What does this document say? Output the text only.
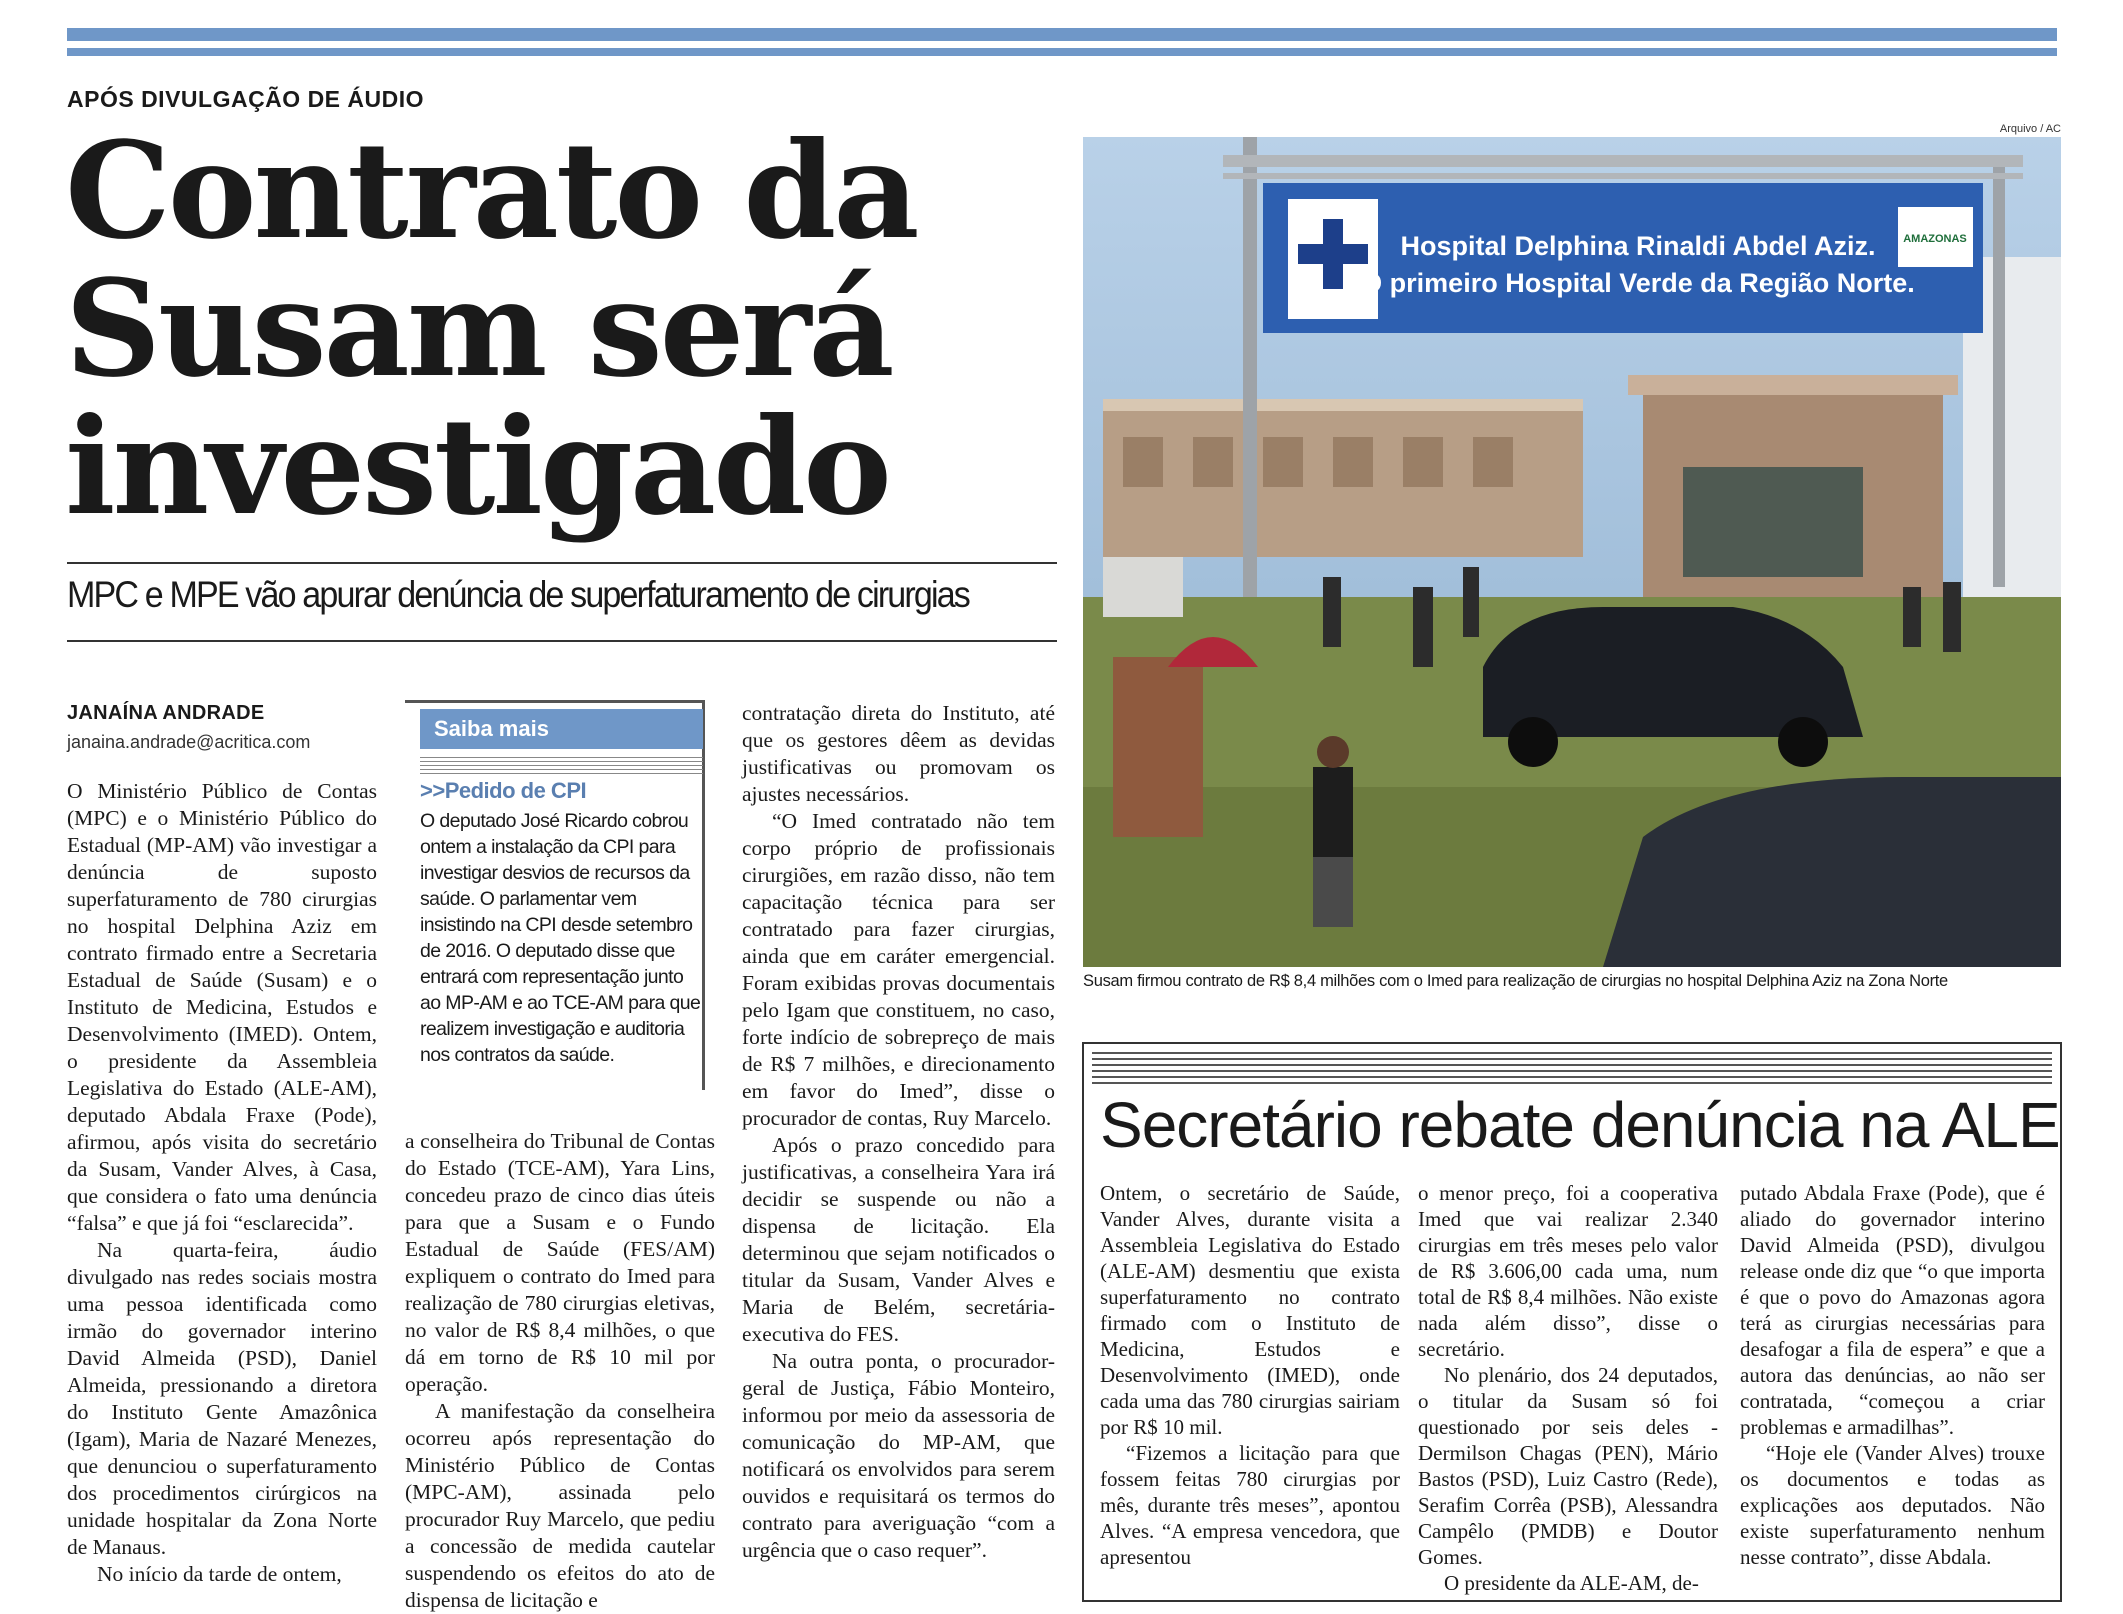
APÓS DIVULGAÇÃO DE ÁUDIO
Contrato da
Susam será
investigado
MPC e MPE vão apurar denúncia de superfaturamento de cirurgias
JANAÍNA ANDRADE
janaina.andrade@acritica.com

O Ministério Público de Contas (MPC) e o Ministério Público do Estadual (MP-AM) vão investigar a denúncia de suposto superfaturamento de 780 cirurgias no hospital Delphina Aziz em contrato firmado entre a Secretaria Estadual de Saúde (Susam) e o Instituto de Medicina, Estudos e Desenvolvimento (IMED). Ontem, o presidente da Assembleia Legislativa do Estado (ALE-AM), deputado Abdala Fraxe (Pode), afirmou, após visita do secretário da Susam, Vander Alves, à Casa, que considera o fato uma denúncia “falsa” e que já foi “esclarecida”.

Na quarta-feira, áudio divulgado nas redes sociais mostra uma pessoa identificada como irmão do governador interino David Almeida (PSD), Daniel Almeida, pressionando a diretora do Instituto Gente Amazônica (Igam), Maria de Nazaré Menezes, que denunciou o superfaturamento dos procedimentos cirúrgicos na unidade hospitalar da Zona Norte de Manaus.

No início da tarde de ontem,

Saiba mais
>>Pedido de CPI
O deputado José Ricardo cobrou ontem a instalação da CPI para investigar desvios de recursos da saúde. O parlamentar vem insistindo na CPI desde setembro de 2016. O deputado disse que entrará com representação junto ao MP-AM e ao TCE-AM para que realizem investigação e auditoria nos contratos da saúde.

a conselheira do Tribunal de Contas do Estado (TCE-AM), Yara Lins, concedeu prazo de cinco dias úteis para que a Susam e o Fundo Estadual de Saúde (FES/AM) expliquem o contrato do Imed para realização de 780 cirurgias eletivas, no valor de R$ 8,4 milhões, o que dá em torno de R$ 10 mil por operação.

A manifestação da conselheira ocorreu após representação do Ministério Público de Contas (MPC-AM), assinada pelo procurador Ruy Marcelo, que pediu a concessão de medida cautelar suspendendo os efeitos do ato de dispensa de licitação e

contratação direta do Instituto, até que os gestores dêem as devidas justificativas ou promovam os ajustes necessários.

“O Imed contratado não tem corpo próprio de profissionais cirurgiões, em razão disso, não tem capacitação técnica para ser contratado para fazer cirurgias, ainda que em caráter emergencial. Foram exibidas provas documentais pelo Igam que constituem, no caso, forte indício de sobrepreço de mais de R$ 7 milhões, e direcionamento em favor do Imed”, disse o procurador de contas, Ruy Marcelo.

Após o prazo concedido para justificativas, a conselheira Yara irá decidir se suspende ou não a dispensa de licitação. Ela determinou que sejam notificados o titular da Susam, Vander Alves e Maria de Belém, secretária-executiva do FES.

Na outra ponta, o procurador-geral de Justiça, Fábio Monteiro, informou por meio da assessoria de comunicação do MP-AM, que notificará os envolvidos para serem ouvidos e requisitará os termos do contrato para averiguação “com a urgência que o caso requer”.

Arquivo / AC
AMAZONAS
Hospital Delphina Rinaldi Abdel Aziz.
O primeiro Hospital Verde da Região Norte.
Susam firmou contrato de R$ 8,4 milhões com o Imed para realização de cirurgias no hospital Delphina Aziz na Zona Norte
Secretário rebate denúncia na ALE

Ontem, o secretário de Saúde, Vander Alves, durante visita a Assembleia Legislativa do Estado (ALE-AM) desmentiu que exista superfaturamento no contrato firmado com o Instituto de Medicina, Estudos e Desenvolvimento (IMED), onde cada uma das 780 cirurgias sairiam por R$ 10 mil.

“Fizemos a licitação para que fossem feitas 780 cirurgias por mês, durante três meses”, apontou Alves. “A empresa vencedora, que apresentou

o menor preço, foi a cooperativa Imed que vai realizar 2.340 cirurgias em três meses pelo valor de R$ 3.606,00 cada uma, num total de R$ 8,4 milhões. Não existe nada além disso”, disse o secretário.

No plenário, dos 24 deputados, o titular da Susam só foi questionado por seis deles - Dermilson Chagas (PEN), Mário Bastos (PSD), Luiz Castro (Rede), Serafim Corrêa (PSB), Alessandra Campêlo (PMDB) e Doutor Gomes.

O presidente da ALE-AM, de-

putado Abdala Fraxe (Pode), que é aliado do governador interino David Almeida (PSD), divulgou release onde diz que “o que importa é que o povo do Amazonas agora terá as cirurgias necessárias para desafogar a fila de espera” e que a autora das denúncias, ao não ser contratada, “começou a criar problemas e armadilhas”.

“Hoje ele (Vander Alves) trouxe os documentos e todas as explicações aos deputados. Não existe superfaturamento nenhum nesse contrato”, disse Abdala.
